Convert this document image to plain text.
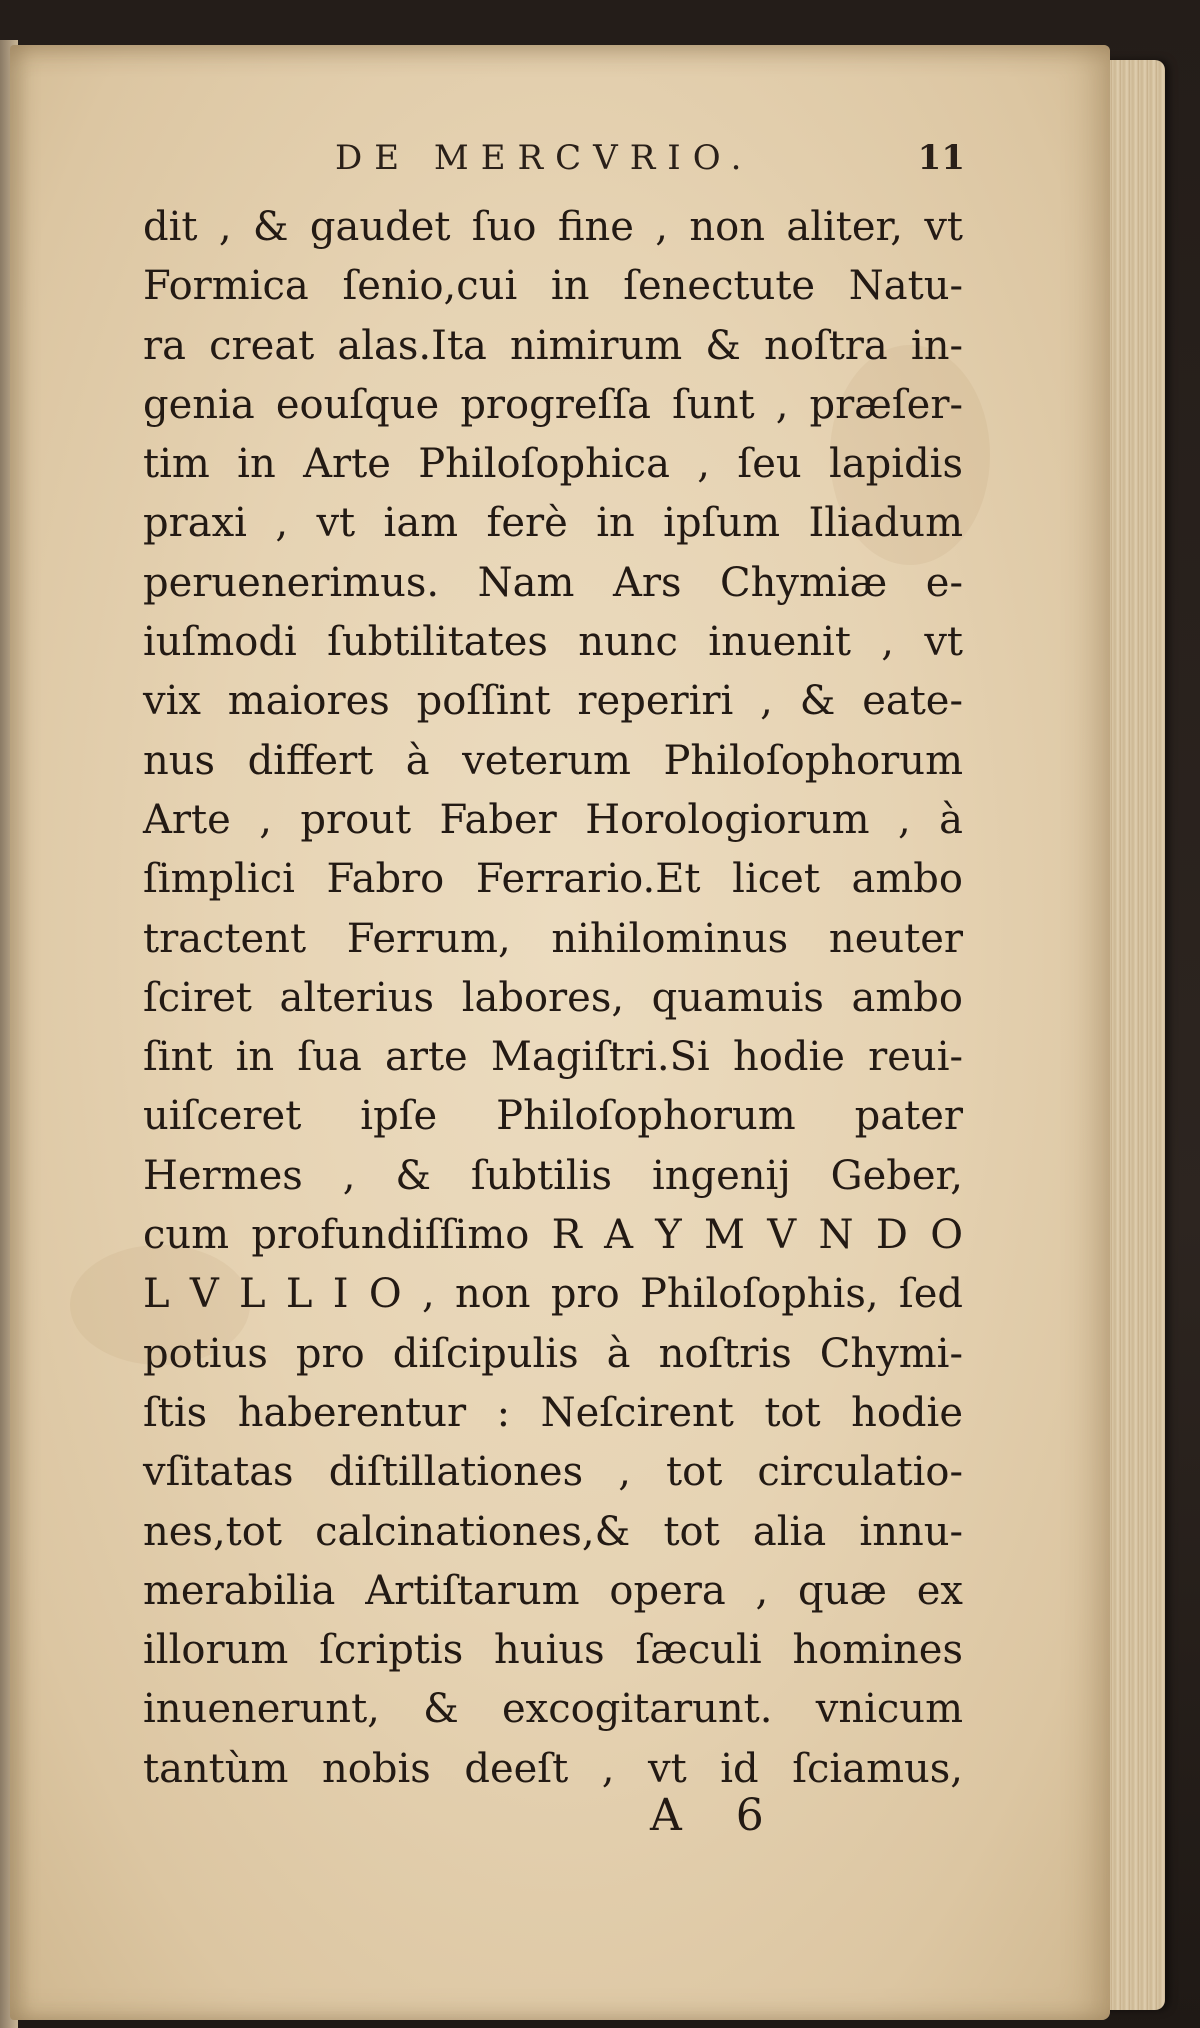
DE MERCVRIO.	11
dit , & gaudet ſuo fine , non aliter, vt
Formica ſenio,cui in ſenectute Natu-
ra creat alas.Ita nimirum & noſtra in-
genia eouſque progreſſa ſunt , præſer-
tim in Arte Philoſophica , ſeu lapidis
praxi , vt iam ferè in ipſum Iliadum
peruenerimus. Nam Ars Chymiæ e-
iuſmodi ſubtilitates nunc inuenit , vt
vix maiores poſſint reperiri , & eate-
nus differt à veterum Philoſophorum
Arte , prout Faber Horologiorum , à
ſimplici Fabro Ferrario.Et licet ambo
tractent Ferrum, nihilominus neuter
ſciret alterius labores, quamuis ambo
ſint in ſua arte Magiſtri.Si hodie reui-
uiſceret ipſe Philoſophorum pater
Hermes , & ſubtilis ingenij Geber,
cum profundiſſimo R A Y M V N D O
L V L L I O , non pro Philoſophis, ſed
potius pro diſcipulis à noſtris Chymi-
ſtis haberentur : Neſcirent tot hodie
vſitatas diſtillationes , tot circulatio-
nes,tot calcinationes,& tot alia innu-
merabilia Artiſtarum opera , quæ ex
illorum ſcriptis huius ſæculi homines
inuenerunt, & excogitarunt. vnicum
tantùm nobis deeſt , vt id ſciamus,
A 6
